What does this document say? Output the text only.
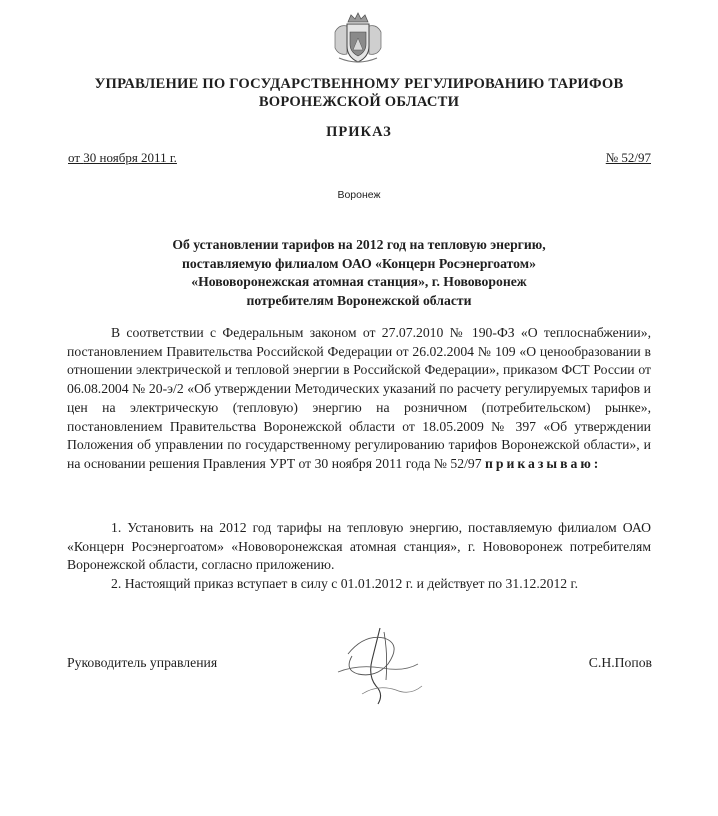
УПРАВЛЕНИЕ ПО ГОСУДАРСТВЕННОМУ РЕГУЛИРОВАНИЮ ТАРИФОВ
ВОРОНЕЖСКОЙ ОБЛАСТИ
ПРИКАЗ
от 30 ноября 2011 г.	№ 52/97
Воронеж
Об установлении тарифов на 2012 год на тепловую энергию,
поставляемую филиалом ОАО «Концерн Росэнергоатом»
«Нововоронежская атомная станция», г. Нововоронеж
потребителям Воронежской области

В соответствии с Федеральным законом от 27.07.2010 № 190-ФЗ «О теплоснабжении», постановлением Правительства Российской Федерации от 26.02.2004 № 109 «О ценообразовании в отношении электрической и тепловой энергии в Российской Федерации», приказом ФСТ России от 06.08.2004 № 20-э/2 «Об утверждении Методических указаний по расчету регулируемых тарифов и цен на электрическую (тепловую) энергию на розничном (потребительском) рынке», постановлением Правительства Воронежской области от 18.05.2009 № 397 «Об утверждении Положения об управлении по государственному регулированию тарифов Воронежской области», и на основании решения Правления УРТ от 30 ноября 2011 года № 52/97 приказываю:

1. Установить на 2012 год тарифы на тепловую энергию, поставляемую филиалом ОАО «Концерн Росэнергоатом» «Нововоронежская атомная станция», г. Нововоронеж потребителям Воронежской области, согласно приложению.

2. Настоящий приказ вступает в силу с 01.01.2012 г. и действует по 31.12.2012 г.

Руководитель управления	С.Н.Попов
